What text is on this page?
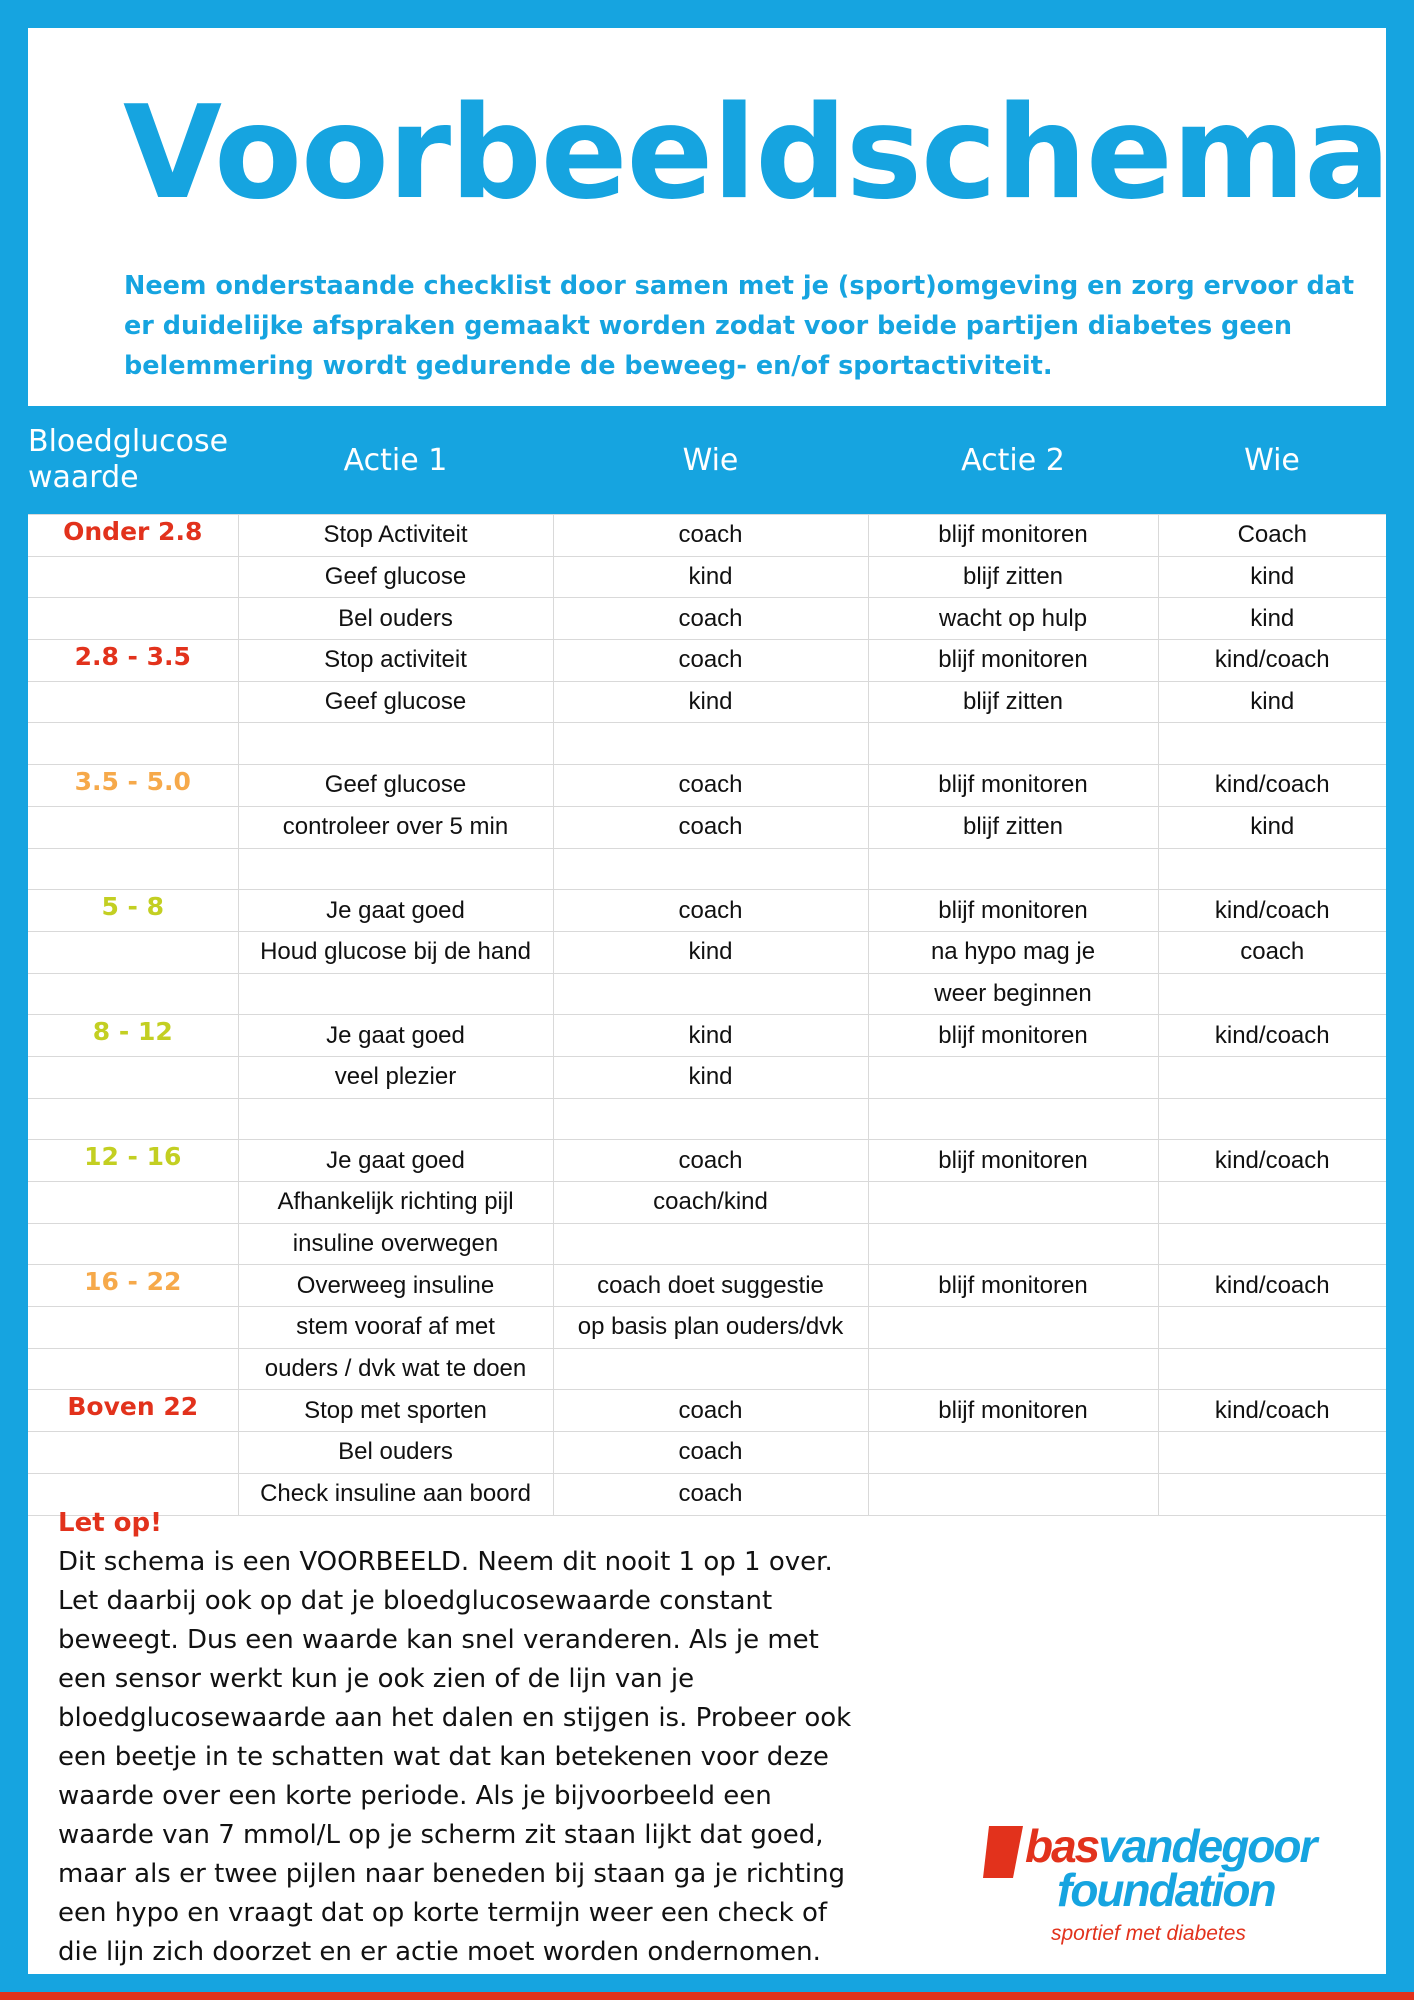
Voorbeeldschema

Neem onderstaande checklist door samen met je (sport)omgeving en zorg ervoor dat er duidelijke afspraken gemaakt worden zodat voor beide partijen diabetes geen belemmering wordt gedurende de beweeg- en/of sportactiviteit.

Bloedglucose waarde	Actie 1	Wie	Actie 2	Wie
Onder 2.8	Stop Activiteit	coach	blijf monitoren	Coach
	Geef glucose	kind	blijf zitten	kind
	Bel ouders	coach	wacht op hulp	kind
2.8 - 3.5	Stop activiteit	coach	blijf monitoren	kind/coach
	Geef glucose	kind	blijf zitten	kind

3.5 - 5.0	Geef glucose	coach	blijf monitoren	kind/coach
	controleer over 5 min	coach	blijf zitten	kind

5 - 8	Je gaat goed	coach	blijf monitoren	kind/coach
	Houd glucose bij de hand	kind	na hypo mag je	coach
			weer beginnen	
8 - 12	Je gaat goed	kind	blijf monitoren	kind/coach
	veel plezier	kind		

12 - 16	Je gaat goed	coach	blijf monitoren	kind/coach
	Afhankelijk richting pijl	coach/kind		
	insuline overwegen			
16 - 22	Overweeg insuline	coach doet suggestie	blijf monitoren	kind/coach
	stem vooraf af met	op basis plan ouders/dvk		
	ouders / dvk wat te doen			
Boven 22	Stop met sporten	coach	blijf monitoren	kind/coach
	Bel ouders	coach		
	Check insuline aan boord	coach		
Let op!
Dit schema is een VOORBEELD. Neem dit nooit 1 op 1 over.
Let daarbij ook op dat je bloedglucosewaarde constant
beweegt. Dus een waarde kan snel veranderen. Als je met
een sensor werkt kun je ook zien of de lijn van je
bloedglucosewaarde aan het dalen en stijgen is. Probeer ook
een beetje in te schatten wat dat kan betekenen voor deze
waarde over een korte periode. Als je bijvoorbeeld een
waarde van 7 mmol/L op je scherm zit staan lijkt dat goed,
maar als er twee pijlen naar beneden bij staan ga je richting
een hypo en vraagt dat op korte termijn weer een check of
die lijn zich doorzet en er actie moet worden ondernomen.
basvandegoor
foundation
sportief met diabetes
